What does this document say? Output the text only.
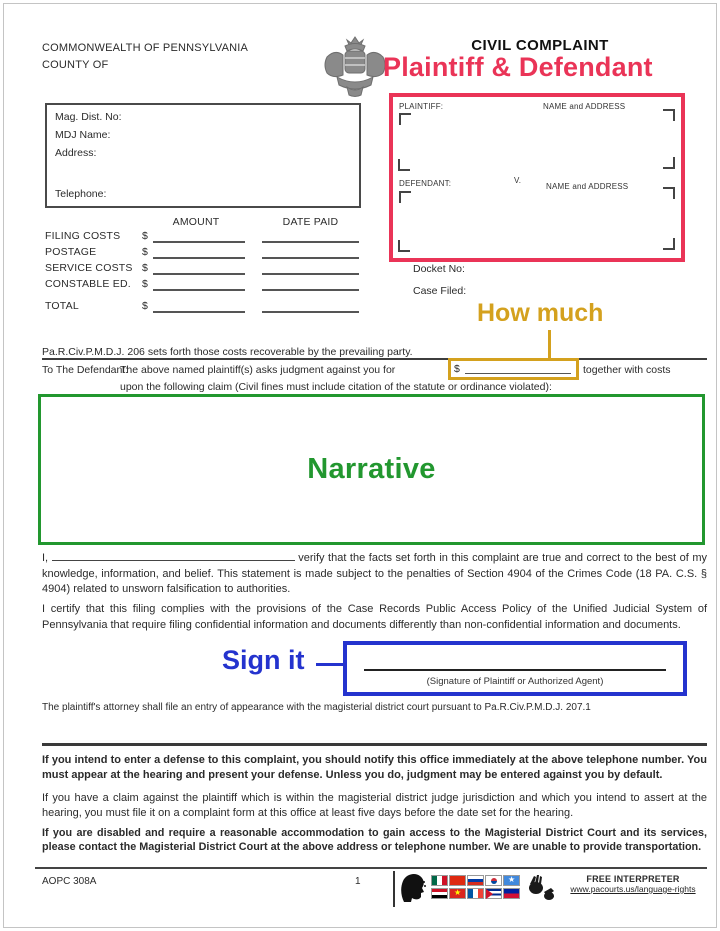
COMMONWEALTH OF PENNSYLVANIA
COUNTY OF
CIVIL COMPLAINT
Plaintiff & Defendant
Mag. Dist. No:
MDJ Name:
Address:
Telephone:
PLAINTIFF:	NAME and ADDRESS
DEFENDANT:	V.
NAME and ADDRESS
Docket No:
Case Filed:
AMOUNT	DATE PAID
FILING COSTS $
POSTAGE	$
SERVICE COSTS $
CONSTABLE ED. $
TOTAL	$	How much
Pa.R.Civ.P.M.D.J. 206 sets forth those costs recoverable by the prevailing party.
To The Defendant:
The above named plaintiff(s) asks judgment against you for	$	together with costs
upon the following claim (Civil fines must include citation of the statute or ordinance violated):
Narrative
I,	verify that the facts set forth in this complaint are true and correct to the best of my knowledge, information, and belief. This statement is made subject to the penalties of Section 4904 of the Crimes Code (18 PA. C.S. § 4904) related to unsworn falsification to authorities.
I certify that this filing complies with the provisions of the Case Records Public Access Policy of the Unified Judicial System of Pennsylvania that require filing confidential information and documents differently than non-confidential information and documents.
Sign it
(Signature of Plaintiff or Authorized Agent)
The plaintiff's attorney shall file an entry of appearance with the magisterial district court pursuant to Pa.R.Civ.P.M.D.J. 207.1
If you intend to enter a defense to this complaint, you should notify this office immediately at the above telephone number. You must appear at the hearing and present your defense. Unless you do, judgment may be entered against you by default.
If you have a claim against the plaintiff which is within the magisterial district judge jurisdiction and which you intend to assert at the hearing, you must file it on a complaint form at this office at least five days before the date set for the hearing.
If you are disabled and require a reasonable accommodation to gain access to the Magisterial District Court and its services, please contact the Magisterial District Court at the above address or telephone number. We are unable to provide transportation.
AOPC 308A	1 ★
★	FREE INTERPRETER
www.pacourts.us/language-rights
